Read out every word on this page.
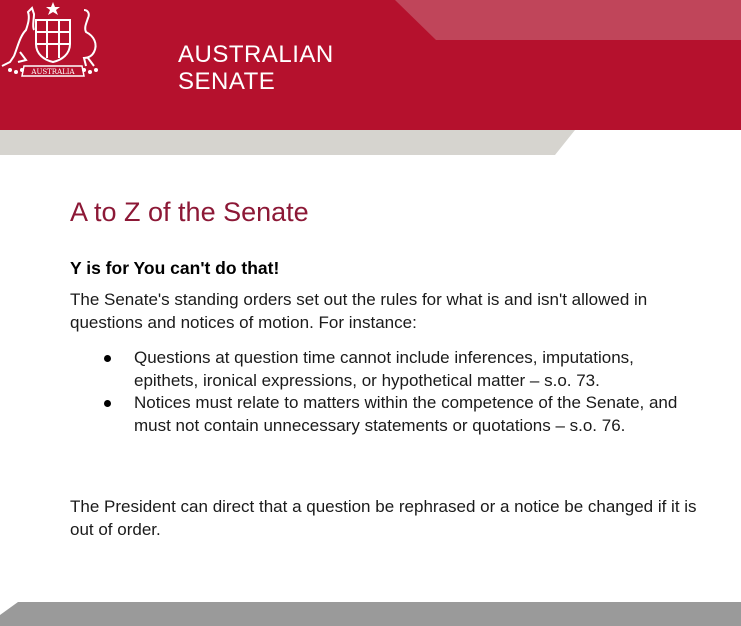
AUSTRALIA
AUSTRALIAN
SENATE
A to Z of the Senate
Y is for You can't do that!

The Senate's standing orders set out the rules for what is and isn't allowed in questions and notices of motion. For instance:

Questions at question time cannot include inferences, imputations, epithets, ironical expressions, or hypothetical matter – s.o. 73.
Notices must relate to matters within the competence of the Senate, and must not contain unnecessary statements or quotations – s.o. 76.

The President can direct that a question be rephrased or a notice be changed if it is out of order.
